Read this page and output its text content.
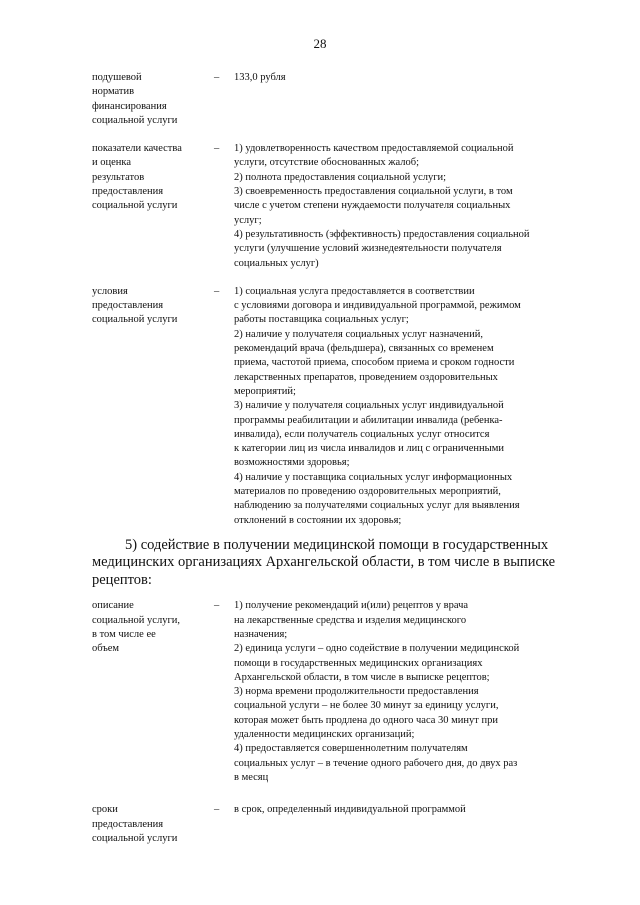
28
подушевой
норматив
финансирования
социальной услуги
–	133,0 рубля
показатели качества
и оценка
результатов
предоставления
социальной услуги
–	1) удовлетворенность качеством предоставляемой социальной
услуги, отсутствие обоснованных жалоб;
2) полнота предоставления социальной услуги;
3) своевременность предоставления социальной услуги, в том
числе с учетом степени нуждаемости получателя социальных
услуг;
4) результативность (эффективность) предоставления социальной
услуги (улучшение условий жизнедеятельности получателя
социальных услуг)
условия
предоставления
социальной услуги
–	1) социальная услуга предоставляется в соответствии
с условиями договора и индивидуальной программой, режимом
работы поставщика социальных услуг;
2) наличие у получателя социальных услуг назначений,
рекомендаций врача (фельдшера), связанных со временем
приема, частотой приема, способом приема и сроком годности
лекарственных препаратов, проведением оздоровительных
мероприятий;
3) наличие у получателя социальных услуг индивидуальной
программы реабилитации и абилитации инвалида (ребенка-
инвалида), если получатель социальных услуг относится
к категории лиц из числа инвалидов и лиц с ограниченными
возможностями здоровья;
4) наличие у поставщика социальных услуг информационных
материалов по проведению оздоровительных мероприятий,
наблюдению за получателями социальных услуг для выявления
отклонений в состоянии их здоровья;
5) содействие в получении медицинской помощи в государственных
медицинских организациях Архангельской области, в том числе в выписке
рецептов:
описание
социальной услуги,
в том числе ее
объем
–	1) получение рекомендаций и(или) рецептов у врача
на лекарственные средства и изделия медицинского
назначения;
2) единица услуги – одно содействие в получении медицинской
помощи в государственных медицинских организациях
Архангельской области, в том числе в выписке рецептов;
3) норма времени продолжительности предоставления
социальной услуги – не более 30 минут за единицу услуги,
которая может быть продлена до одного часа 30 минут при
удаленности медицинских организаций;
4) предоставляется совершеннолетним получателям
социальных услуг – в течение одного рабочего дня, до двух раз
в месяц
сроки
предоставления
социальной услуги
–	в срок, определенный индивидуальной программой
